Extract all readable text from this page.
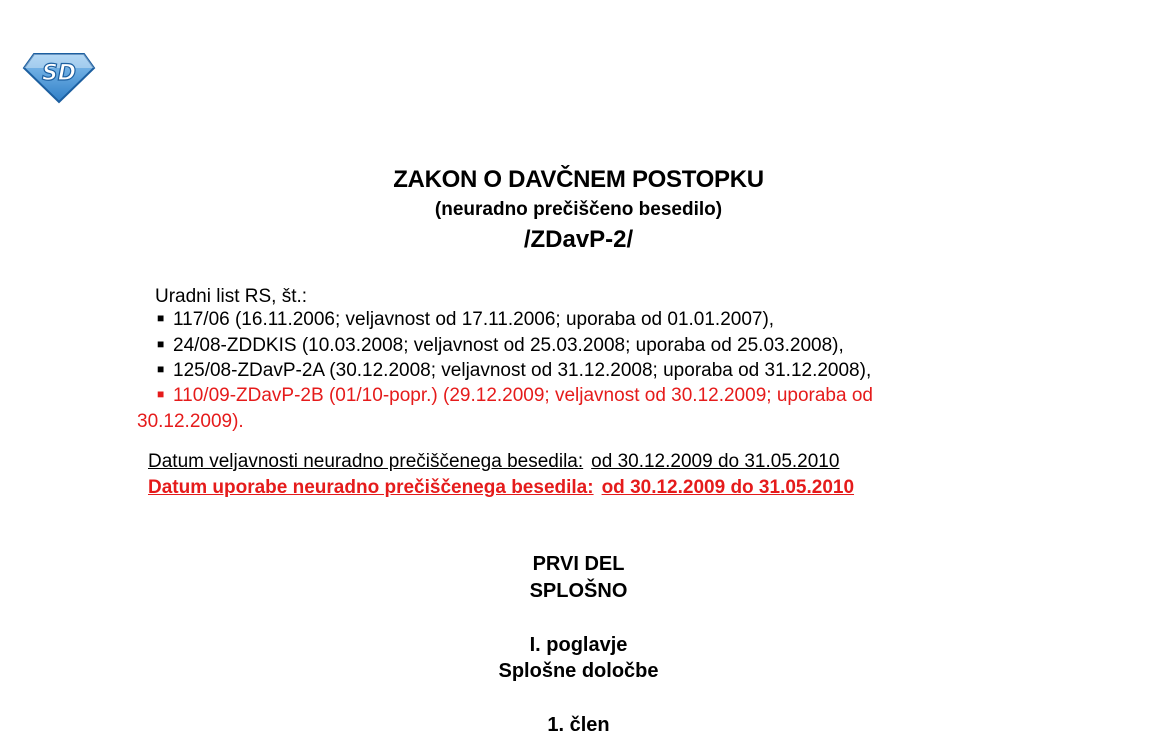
SD
ZAKON O DAVČNEM POSTOPKU
(neuradno prečiščeno besedilo)
/ZDavP-2/
Uradni list RS, št.:
■ 117/06 (16.11.2006; veljavnost od 17.11.2006; uporaba od 01.01.2007),
■ 24/08-ZDDKIS (10.03.2008; veljavnost od 25.03.2008; uporaba od 25.03.2008),
■ 125/08-ZDavP-2A (30.12.2008; veljavnost od 31.12.2008; uporaba od 31.12.2008),
■ 110/09-ZDavP-2B (01/10-popr.) (29.12.2009; veljavnost od 30.12.2009; uporaba od
30.12.2009).
Datum veljavnosti neuradno prečiščenega besedila: od 30.12.2009 do 31.05.2010
Datum uporabe neuradno prečiščenega besedila: od 30.12.2009 do 31.05.2010
PRVI DEL
SPLOŠNO
I. poglavje
Splošne določbe
1. člen
